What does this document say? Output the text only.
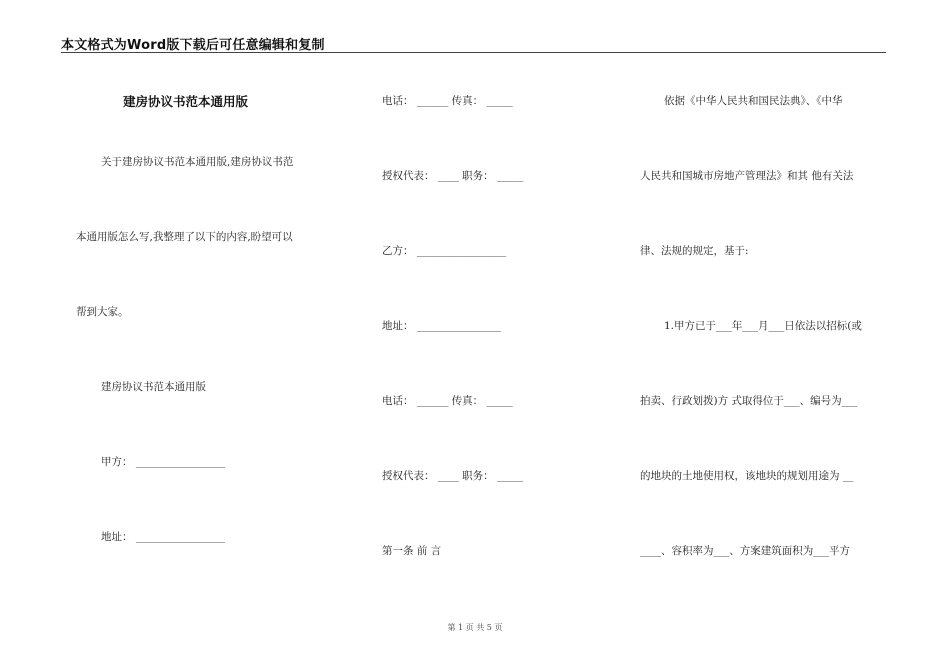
本文格式为Word版下载后可任意编辑和复制
建房协议书范本通用版
关于建房协议书范本通用版,建房协议书范
本通用版怎么写,我整理了以下的内容,盼望可以
帮到大家。
建房协议书范本通用版
甲方： _________________
地址： _________________
电话： ______ 传真： _____
授权代表： ____ 职务： _____
乙方： _________________
地址： ________________
电话： ______ 传真： _____
授权代表： ____ 职务： _____
第一条 前 言
依据《中华人民共和国民法典》、《中华
人民共和国城市房地产管理法》和其 他有关法
律、法规的规定，基于:
1.甲方已于___年___月___日依法以招标(或
拍卖、行政划拨)方 式取得位于___、编号为___
的地块的土地使用权，该地块的规划用途为 __
____、容积率为___、方案建筑面积为___平方
第 1 页 共 5 页
